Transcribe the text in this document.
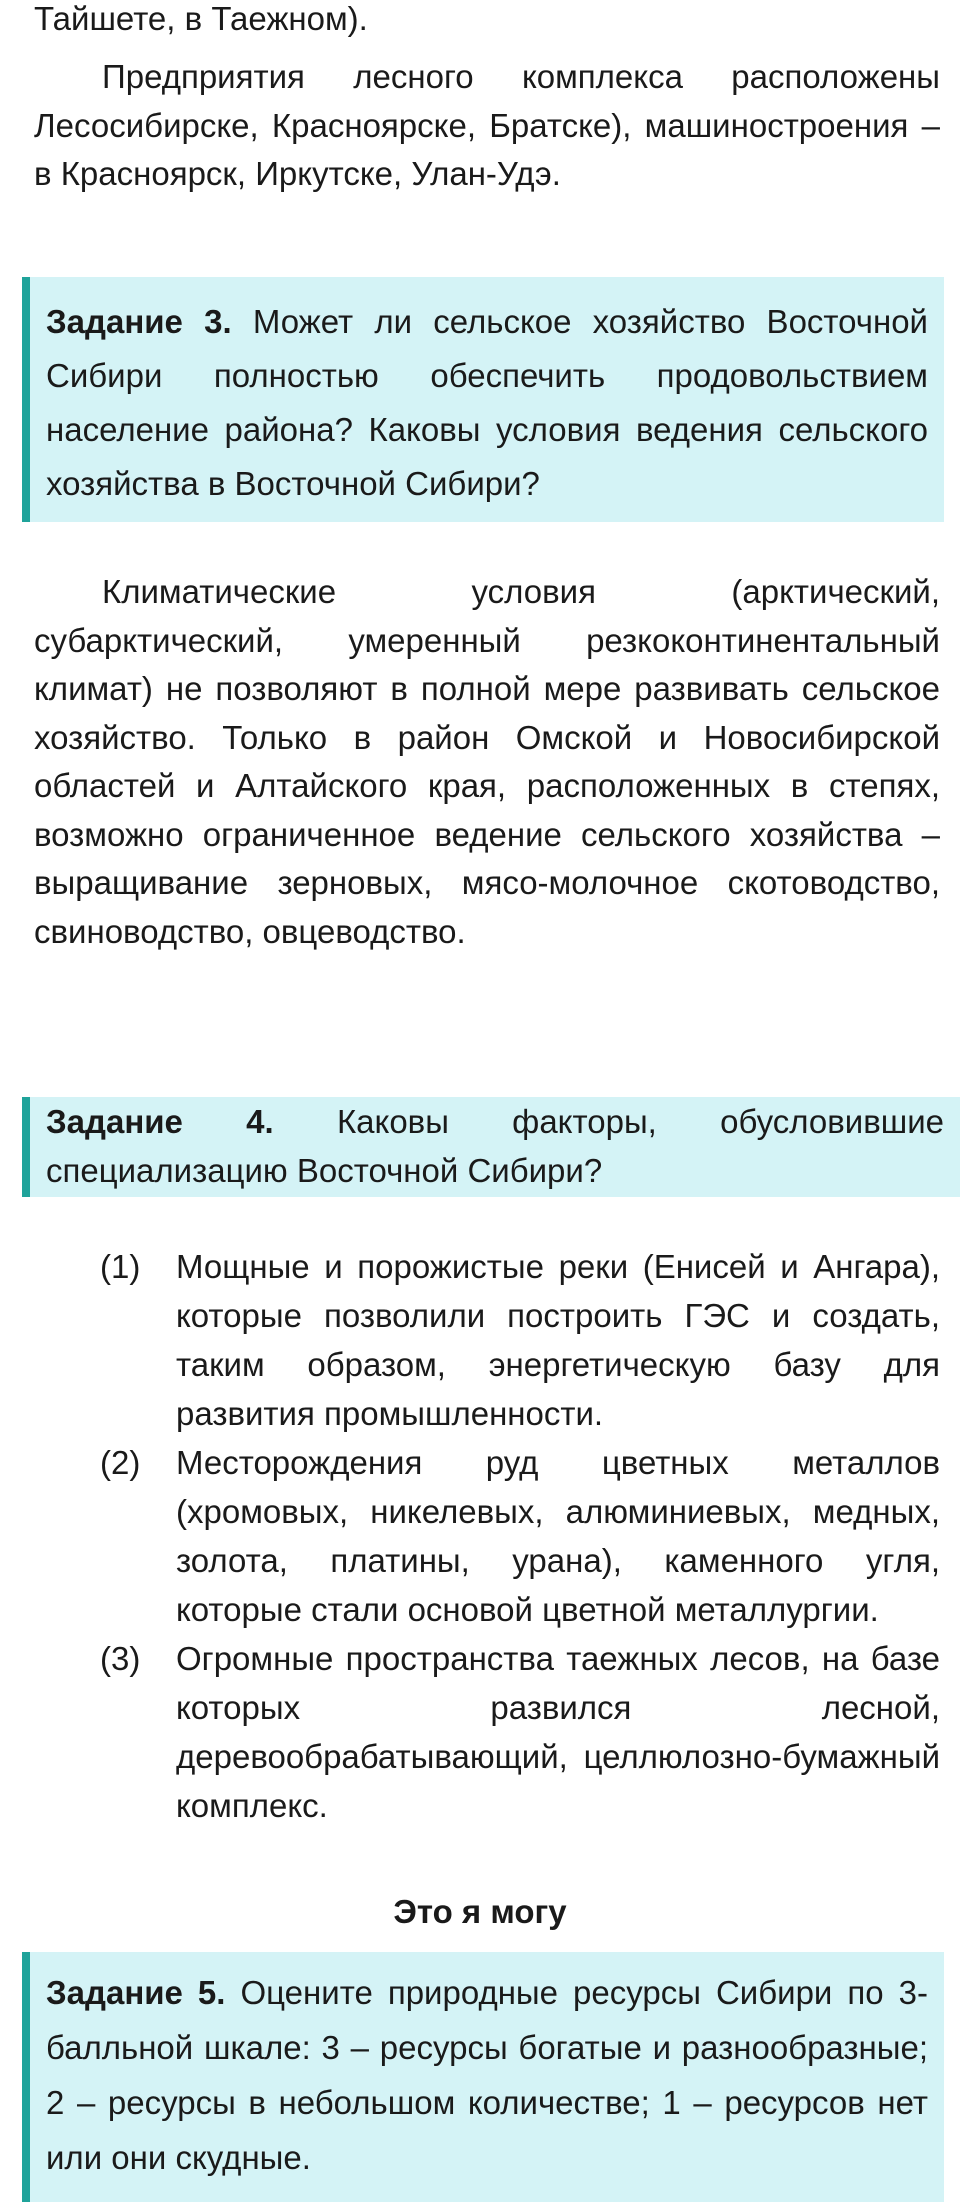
Тайшете, в Таежном).

Предприятия лесного комплекса расположены Лесосибирске, Красноярске, Братске), машиностроения – в Красноярск, Иркутске, Улан-Удэ.

Задание 3. Может ли сельское хозяйство Восточной Сибири полностью обеспечить продовольствием население района? Каковы условия ведения сельского хозяйства в Восточной Сибири?

Климатические условия (арктический, субарктический, умеренный резкоконтинентальный климат) не позволяют в полной мере развивать сельское хозяйство. Только в район Омской и Новосибирской областей и Алтайского края, расположенных в степях, возможно ограниченное ведение сельского хозяйства – выращивание зерновых, мясо-молочное скотоводство, свиноводство, овцеводство.

Задание 4. Каковы факторы, обусловившие специализацию Восточной Сибири?
(1) Мощные и порожистые реки (Енисей и Ангара), которые позволили построить ГЭС и создать, таким образом, энергетическую базу для развития промышленности.
(2) Месторождения руд цветных металлов (хромовых, никелевых, алюминиевых, медных, золота, платины, урана), каменного угля, которые стали основой цветной металлургии.
(3) Огромные пространства таежных лесов, на базе которых развился лесной, деревообрабатывающий, целлюлозно-бумажный комплекс.

Это я могу

Задание 5. Оцените природные ресурсы Сибири по 3-балльной шкале: 3 – ресурсы богатые и разнообразные; 2 – ресурсы в небольшом количестве; 1 – ресурсов нет или они скудные.
